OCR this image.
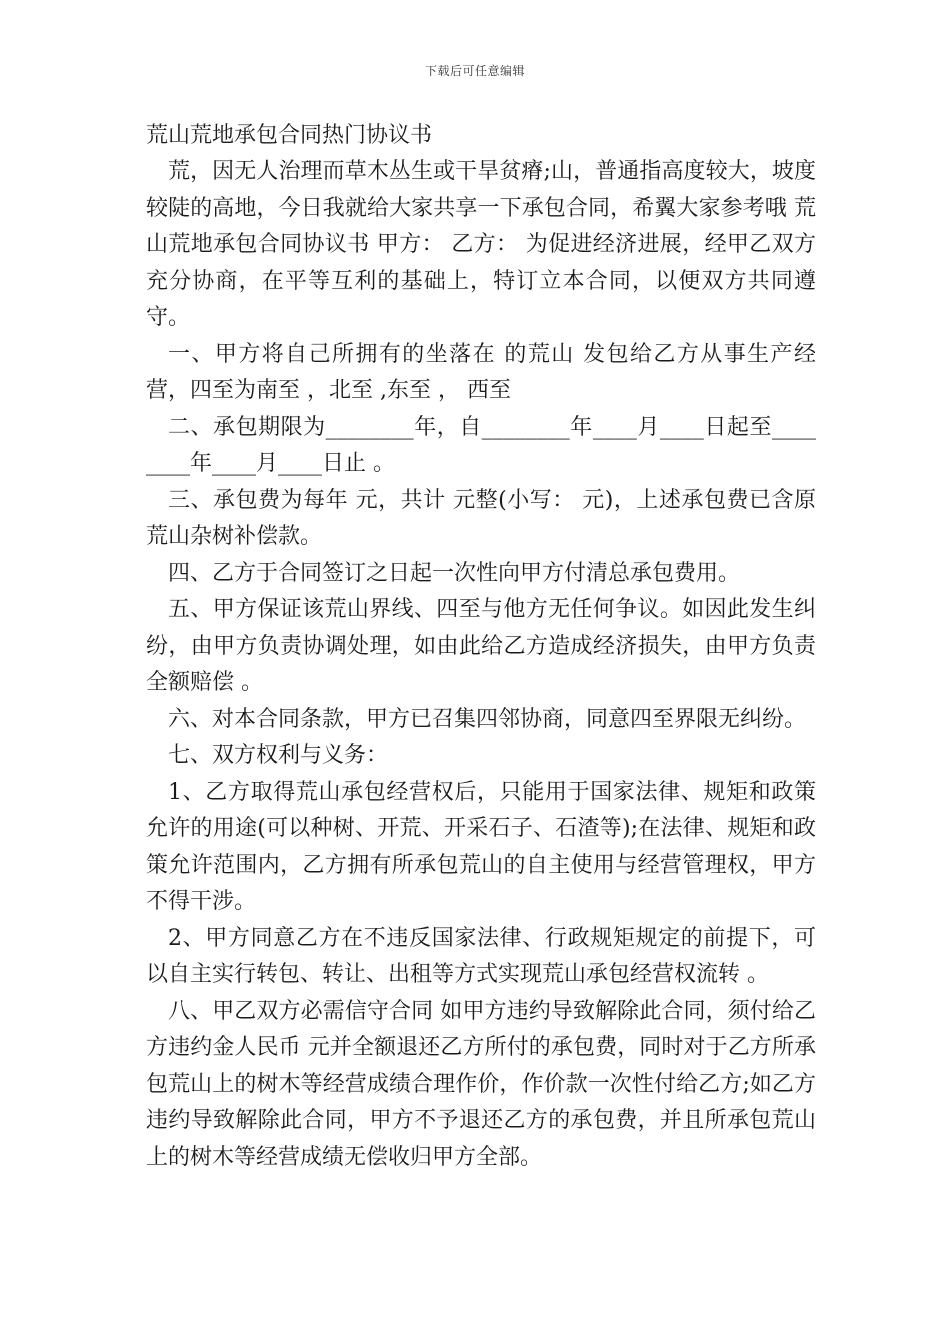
下载后可任意编辑
荒山荒地承包合同热门协议书

荒，因无人治理而草木丛生或干旱贫瘠;山，普通指高度较大，坡度较陡的高地，今日我就给大家共享一下承包合同，希翼大家参考哦 荒山荒地承包合同协议书 甲方： 乙方： 为促进经济进展，经甲乙双方充分协商，在平等互利的基础上，特订立本合同，以便双方共同遵守。

一、甲方将自己所拥有的坐落在 的荒山 发包给乙方从事生产经营，四至为南至 ，北至 ,东至 ， 西至

二、承包期限为________年，自________年____月____日起至________年____月____日止 。

三、承包费为每年 元，共计 元整(小写： 元)，上述承包费已含原荒山杂树补偿款。

四、乙方于合同签订之日起一次性向甲方付清总承包费用。

五、甲方保证该荒山界线、四至与他方无任何争议。如因此发生纠纷，由甲方负责协调处理，如由此给乙方造成经济损失，由甲方负责全额赔偿 。

六、对本合同条款，甲方已召集四邻协商，同意四至界限无纠纷。

七、双方权利与义务：

1、乙方取得荒山承包经营权后，只能用于国家法律、规矩和政策允许的用途(可以种树、开荒、开采石子、石渣等);在法律、规矩和政策允许范围内，乙方拥有所承包荒山的自主使用与经营管理权，甲方不得干涉。

2、甲方同意乙方在不违反国家法律、行政规矩规定的前提下，可以自主实行转包、转让、出租等方式实现荒山承包经营权流转 。

八、甲乙双方必需信守合同 如甲方违约导致解除此合同，须付给乙方违约金人民币 元并全额退还乙方所付的承包费，同时对于乙方所承包荒山上的树木等经营成绩合理作价，作价款一次性付给乙方;如乙方违约导致解除此合同，甲方不予退还乙方的承包费，并且所承包荒山上的树木等经营成绩无偿收归甲方全部。
